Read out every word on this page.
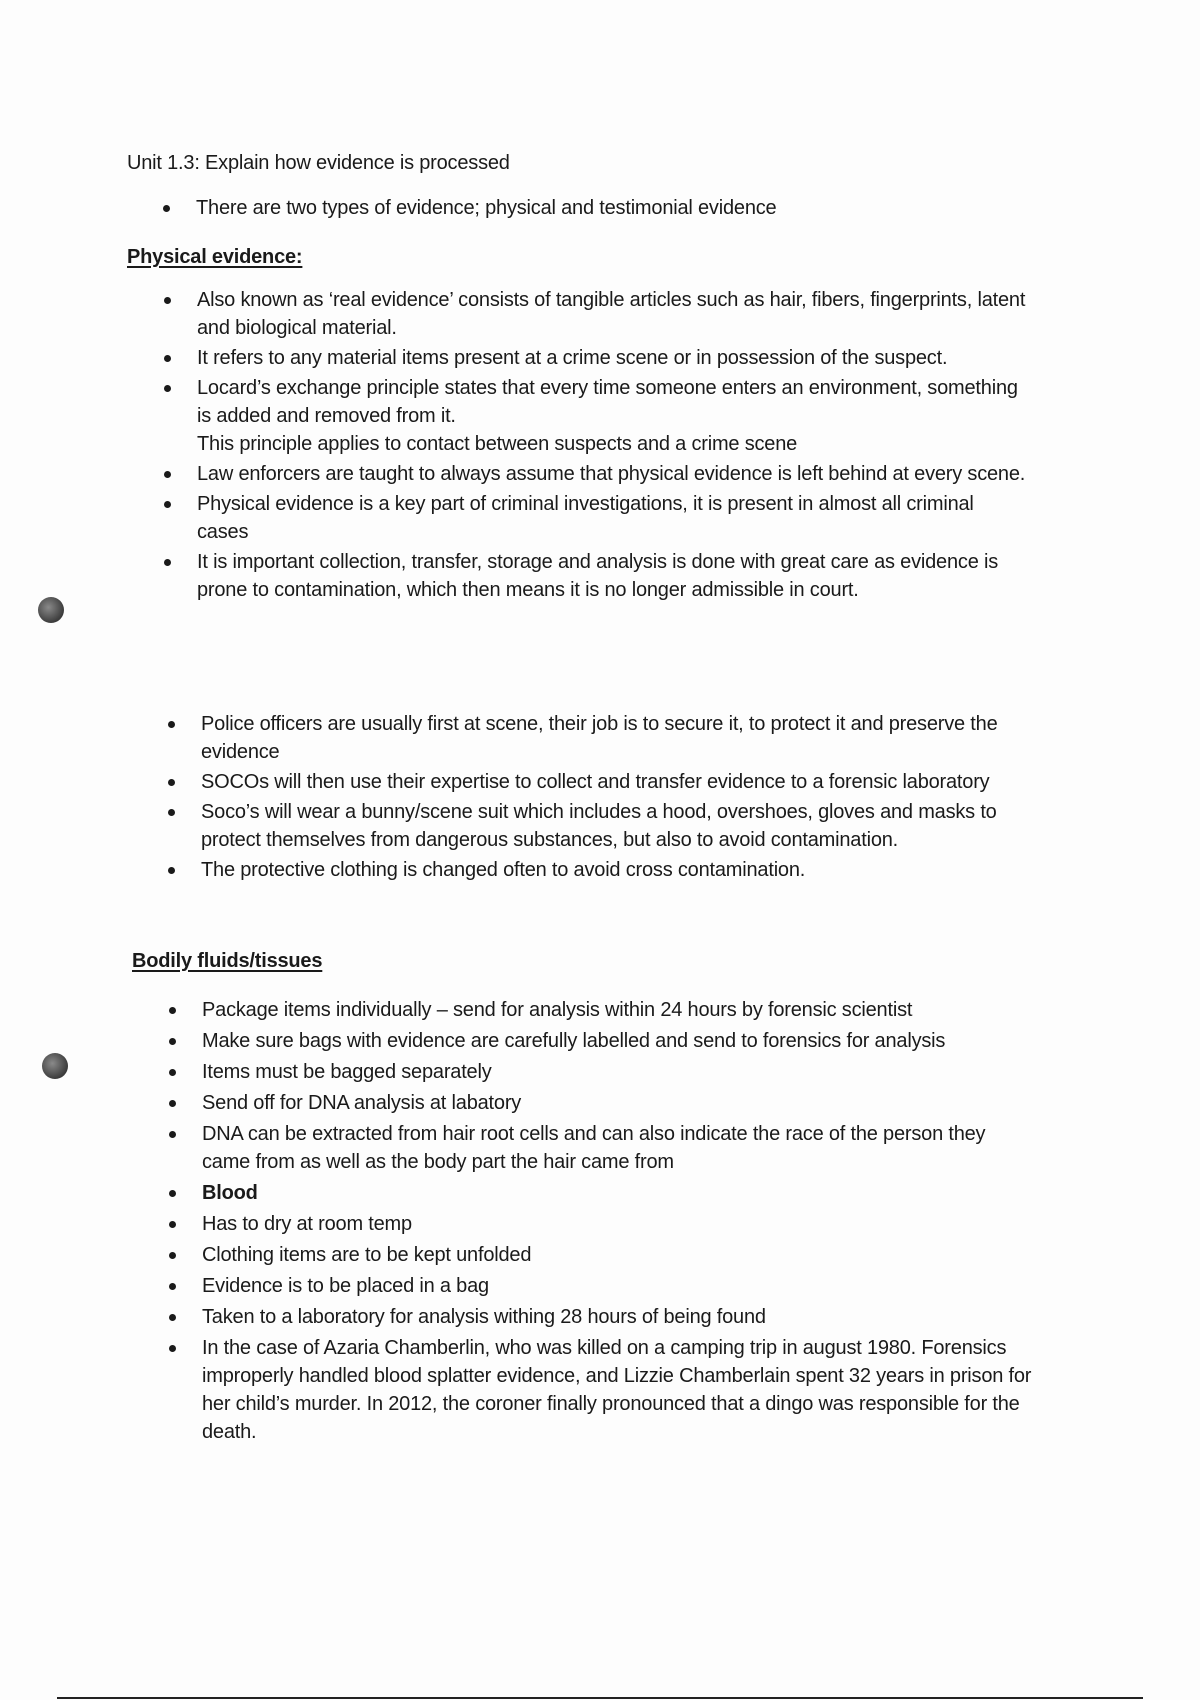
Unit 1.3: Explain how evidence is processed
There are two types of evidence; physical and testimonial evidence
Physical evidence:
Also known as ‘real evidence’ consists of tangible articles such as hair, fibers, fingerprints, latent and biological material.
It refers to any material items present at a crime scene or in possession of the suspect.
Locard’s exchange principle states that every time someone enters an environment, something is added and removed from it.
This principle applies to contact between suspects and a crime scene
Law enforcers are taught to always assume that physical evidence is left behind at every scene.
Physical evidence is a key part of criminal investigations, it is present in almost all criminal cases
It is important collection, transfer, storage and analysis is done with great care as evidence is prone to contamination, which then means it is no longer admissible in court.
Police officers are usually first at scene, their job is to secure it, to protect it and preserve the evidence
SOCOs will then use their expertise to collect and transfer evidence to a forensic laboratory
Soco’s will wear a bunny/scene suit which includes a hood, overshoes, gloves and masks to protect themselves from dangerous substances, but also to avoid contamination.
The protective clothing is changed often to avoid cross contamination.
Bodily fluids/tissues
Package items individually – send for analysis within 24 hours by forensic scientist
Make sure bags with evidence are carefully labelled and send to forensics for analysis
Items must be bagged separately
Send off for DNA analysis at labatory
DNA can be extracted from hair root cells and can also indicate the race of the person they came from as well as the body part the hair came from
Blood
Has to dry at room temp
Clothing items are to be kept unfolded
Evidence is to be placed in a bag
Taken to a laboratory for analysis withing 28 hours of being found
In the case of Azaria Chamberlin, who was killed on a camping trip in august 1980. Forensics improperly handled blood splatter evidence, and Lizzie Chamberlain spent 32 years in prison for her child’s murder. In 2012, the coroner finally pronounced that a dingo was responsible for the death.
